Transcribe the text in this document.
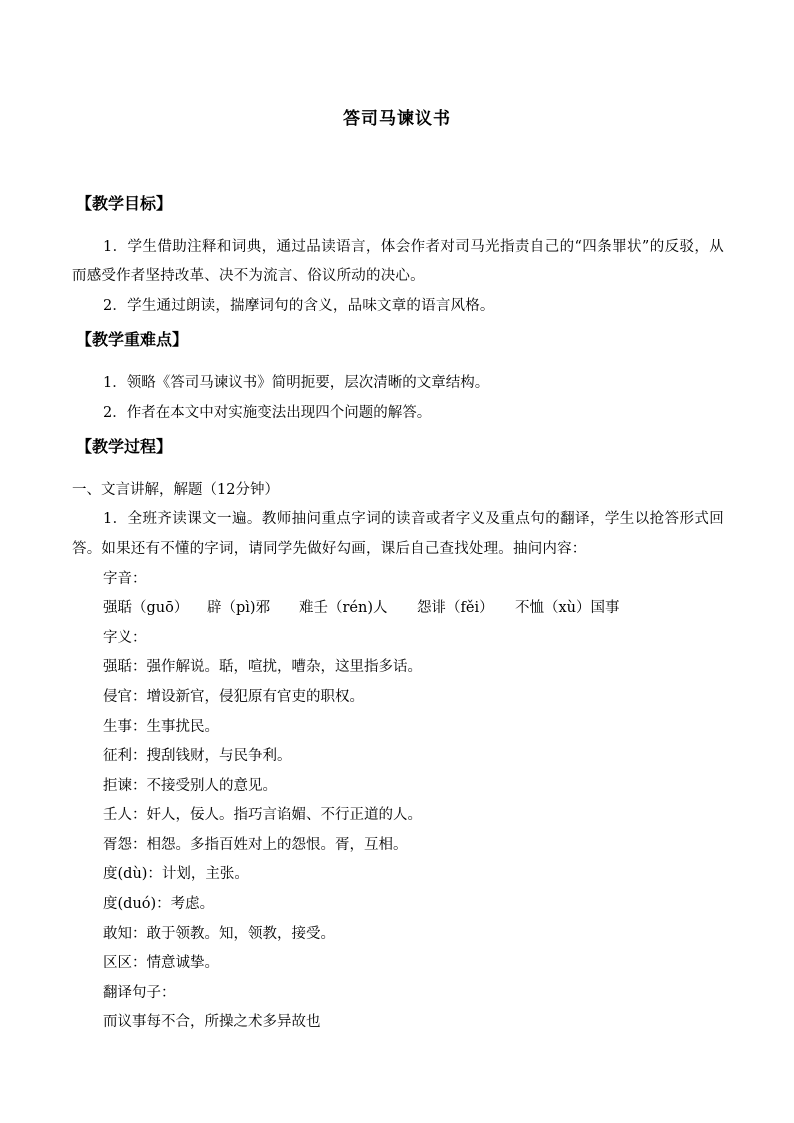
答司马谏议书
【教学目标】
1．学生借助注释和词典，通过品读语言，体会作者对司马光指责自己的“四条罪状”的反驳，从而感受作者坚持改革、决不为流言、俗议所动的决心。
2．学生通过朗读，揣摩词句的含义，品味文章的语言风格。
【教学重难点】
1．领略《答司马谏议书》简明扼要，层次清晰的文章结构。
2．作者在本文中对实施变法出现四个问题的解答。
【教学过程】
一、文言讲解，解题（12分钟）
1．全班齐读课文一遍。教师抽问重点字词的读音或者字义及重点句的翻译，学生以抢答形式回答。如果还有不懂的字词，请同学先做好勾画，课后自己查找处理。抽问内容：
字音：
强聒（guō） 辟（pì)邪 难壬（rén)人 怨诽（fěi） 不恤（xù）国事
字义：
强聒：强作解说。聒，喧扰，嘈杂，这里指多话。
侵官：增设新官，侵犯原有官吏的职权。
生事：生事扰民。
征利：搜刮钱财，与民争利。
拒谏：不接受别人的意见。
壬人：奸人，佞人。指巧言谄媚、不行正道的人。
胥怨：相怨。多指百姓对上的怨恨。胥，互相。
度(dù)：计划，主张。
度(duó)：考虑。
敢知：敢于领教。知，领教，接受。
区区：情意诚挚。
翻译句子：
而议事每不合，所操之术多异故也
